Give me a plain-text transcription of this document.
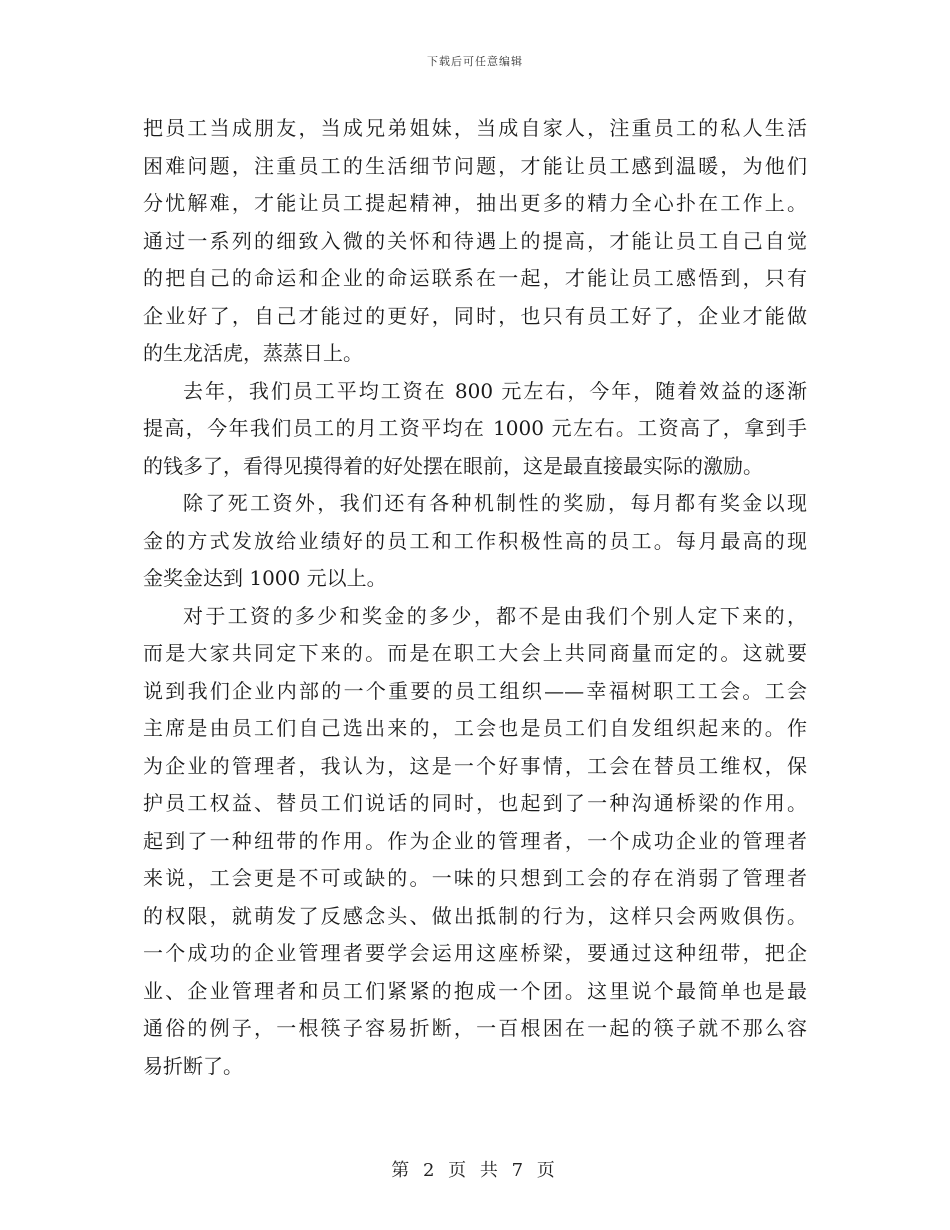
下载后可任意编辑
把员工当成朋友，当成兄弟姐妹，当成自家人，注重员工的私人生活
困难问题，注重员工的生活细节问题，才能让员工感到温暖，为他们
分忧解难，才能让员工提起精神，抽出更多的精力全心扑在工作上。
通过一系列的细致入微的关怀和待遇上的提高，才能让员工自己自觉
的把自己的命运和企业的命运联系在一起，才能让员工感悟到，只有
企业好了，自己才能过的更好，同时，也只有员工好了，企业才能做
的生龙活虎，蒸蒸日上。
去年，我们员工平均工资在 800 元左右，今年，随着效益的逐渐
提高，今年我们员工的月工资平均在 1000 元左右。工资高了，拿到手
的钱多了，看得见摸得着的好处摆在眼前，这是最直接最实际的激励。
除了死工资外，我们还有各种机制性的奖励，每月都有奖金以现
金的方式发放给业绩好的员工和工作积极性高的员工。每月最高的现
金奖金达到 1000 元以上。
对于工资的多少和奖金的多少，都不是由我们个别人定下来的，
而是大家共同定下来的。而是在职工大会上共同商量而定的。这就要
说到我们企业内部的一个重要的员工组织——幸福树职工工会。工会
主席是由员工们自己选出来的，工会也是员工们自发组织起来的。作
为企业的管理者，我认为，这是一个好事情，工会在替员工维权，保
护员工权益、替员工们说话的同时，也起到了一种沟通桥梁的作用。
起到了一种纽带的作用。作为企业的管理者，一个成功企业的管理者
来说，工会更是不可或缺的。一味的只想到工会的存在消弱了管理者
的权限，就萌发了反感念头、做出抵制的行为，这样只会两败俱伤。
一个成功的企业管理者要学会运用这座桥梁，要通过这种纽带，把企
业、企业管理者和员工们紧紧的抱成一个团。这里说个最简单也是最
通俗的例子，一根筷子容易折断，一百根困在一起的筷子就不那么容
易折断了。
第 2 页 共 7 页
